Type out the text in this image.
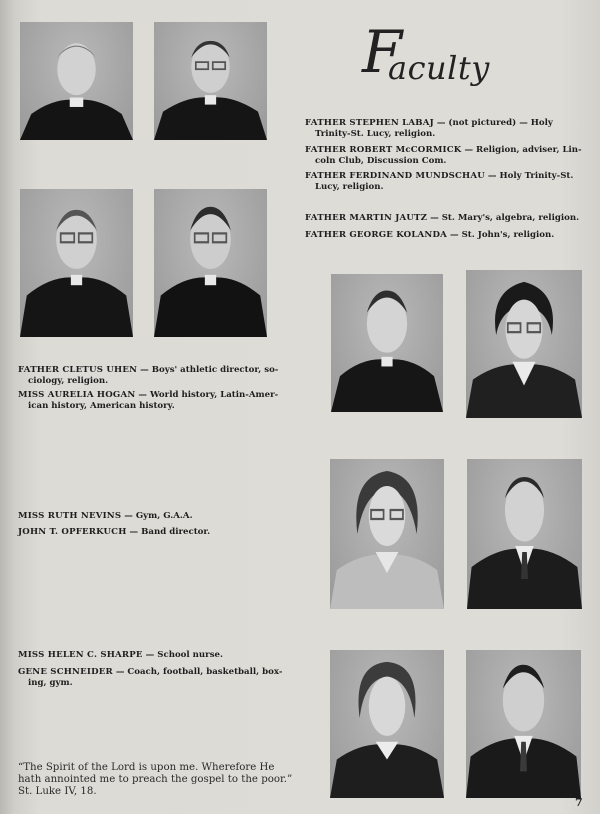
F
aculty
FATHER STEPHEN LABAJ — (not pictured) — Holy
Trinity-St. Lucy, religion.
FATHER ROBERT McCORMICK — Religion, adviser, Lin-
coln Club, Discussion Com.
FATHER FERDINAND MUNDSCHAU — Holy Trinity-St.
Lucy, religion.
FATHER MARTIN JAUTZ — St. Mary's, algebra, religion.
FATHER GEORGE KOLANDA — St. John's, religion.
FATHER CLETUS UHEN — Boys' athletic director, so-
ciology, religion.
MISS AURELIA HOGAN — World history, Latin-Amer-
ican history, American history.
MISS RUTH NEVINS — Gym, G.A.A.
JOHN T. OPFERKUCH — Band director.
MISS HELEN C. SHARPE — School nurse.
GENE SCHNEIDER — Coach, football, basketball, box-
ing, gym.
“The Spirit of the Lord is upon me. Wherefore He
hath annointed me to preach the gospel to the poor.”
St. Luke IV, 18.
7
